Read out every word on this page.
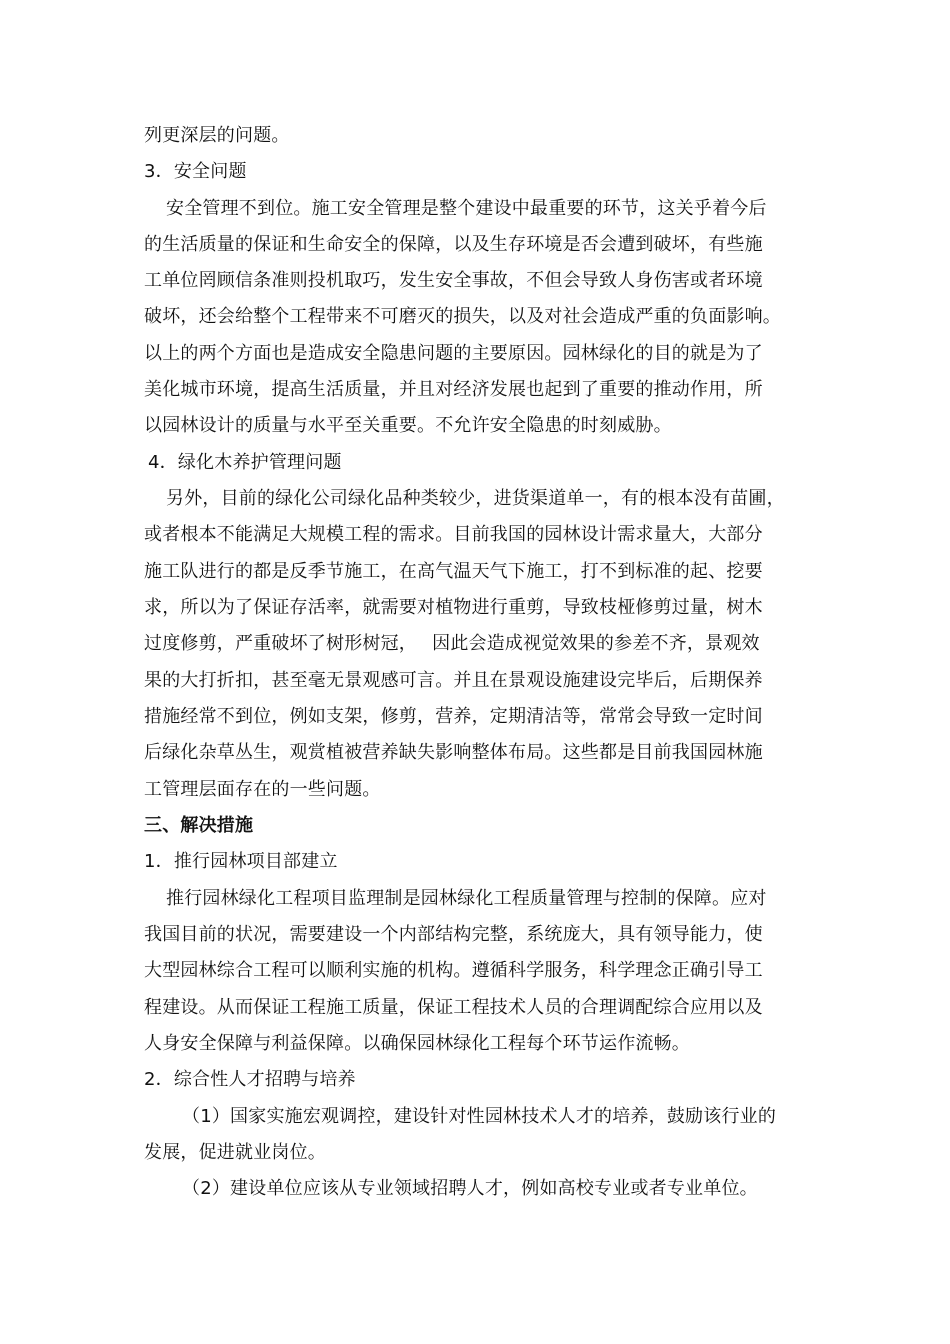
列更深层的问题。
3．安全问题
安全管理不到位。施工安全管理是整个建设中最重要的环节，这关乎着今后
的生活质量的保证和生命安全的保障，以及生存环境是否会遭到破坏，有些施
工单位罔顾信条准则投机取巧，发生安全事故，不但会导致人身伤害或者环境
破坏，还会给整个工程带来不可磨灭的损失，以及对社会造成严重的负面影响。
以上的两个方面也是造成安全隐患问题的主要原因。园林绿化的目的就是为了
美化城市环境，提高生活质量，并且对经济发展也起到了重要的推动作用，所
以园林设计的质量与水平至关重要。不允许安全隐患的时刻威胁。
4．绿化木养护管理问题
另外，目前的绿化公司绿化品种类较少，进货渠道单一，有的根本没有苗圃，
或者根本不能满足大规模工程的需求。目前我国的园林设计需求量大，大部分
施工队进行的都是反季节施工，在高气温天气下施工，打不到标准的起、挖要
求，所以为了保证存活率，就需要对植物进行重剪，导致枝桠修剪过量，树木
过度修剪，严重破坏了树形树冠，　 因此会造成视觉效果的参差不齐，景观效
果的大打折扣，甚至毫无景观感可言。并且在景观设施建设完毕后，后期保养
措施经常不到位，例如支架，修剪，营养，定期清洁等，常常会导致一定时间
后绿化杂草丛生，观赏植被营养缺失影响整体布局。这些都是目前我国园林施
工管理层面存在的一些问题。
三、解决措施
1．推行园林项目部建立
推行园林绿化工程项目监理制是园林绿化工程质量管理与控制的保障。应对
我国目前的状况，需要建设一个内部结构完整，系统庞大，具有领导能力，使
大型园林综合工程可以顺利实施的机构。遵循科学服务，科学理念正确引导工
程建设。从而保证工程施工质量，保证工程技术人员的合理调配综合应用以及
人身安全保障与利益保障。以确保园林绿化工程每个环节运作流畅。
2．综合性人才招聘与培养
（1）国家实施宏观调控，建设针对性园林技术人才的培养，鼓励该行业的
发展，促进就业岗位。
（2）建设单位应该从专业领域招聘人才，例如高校专业或者专业单位。
